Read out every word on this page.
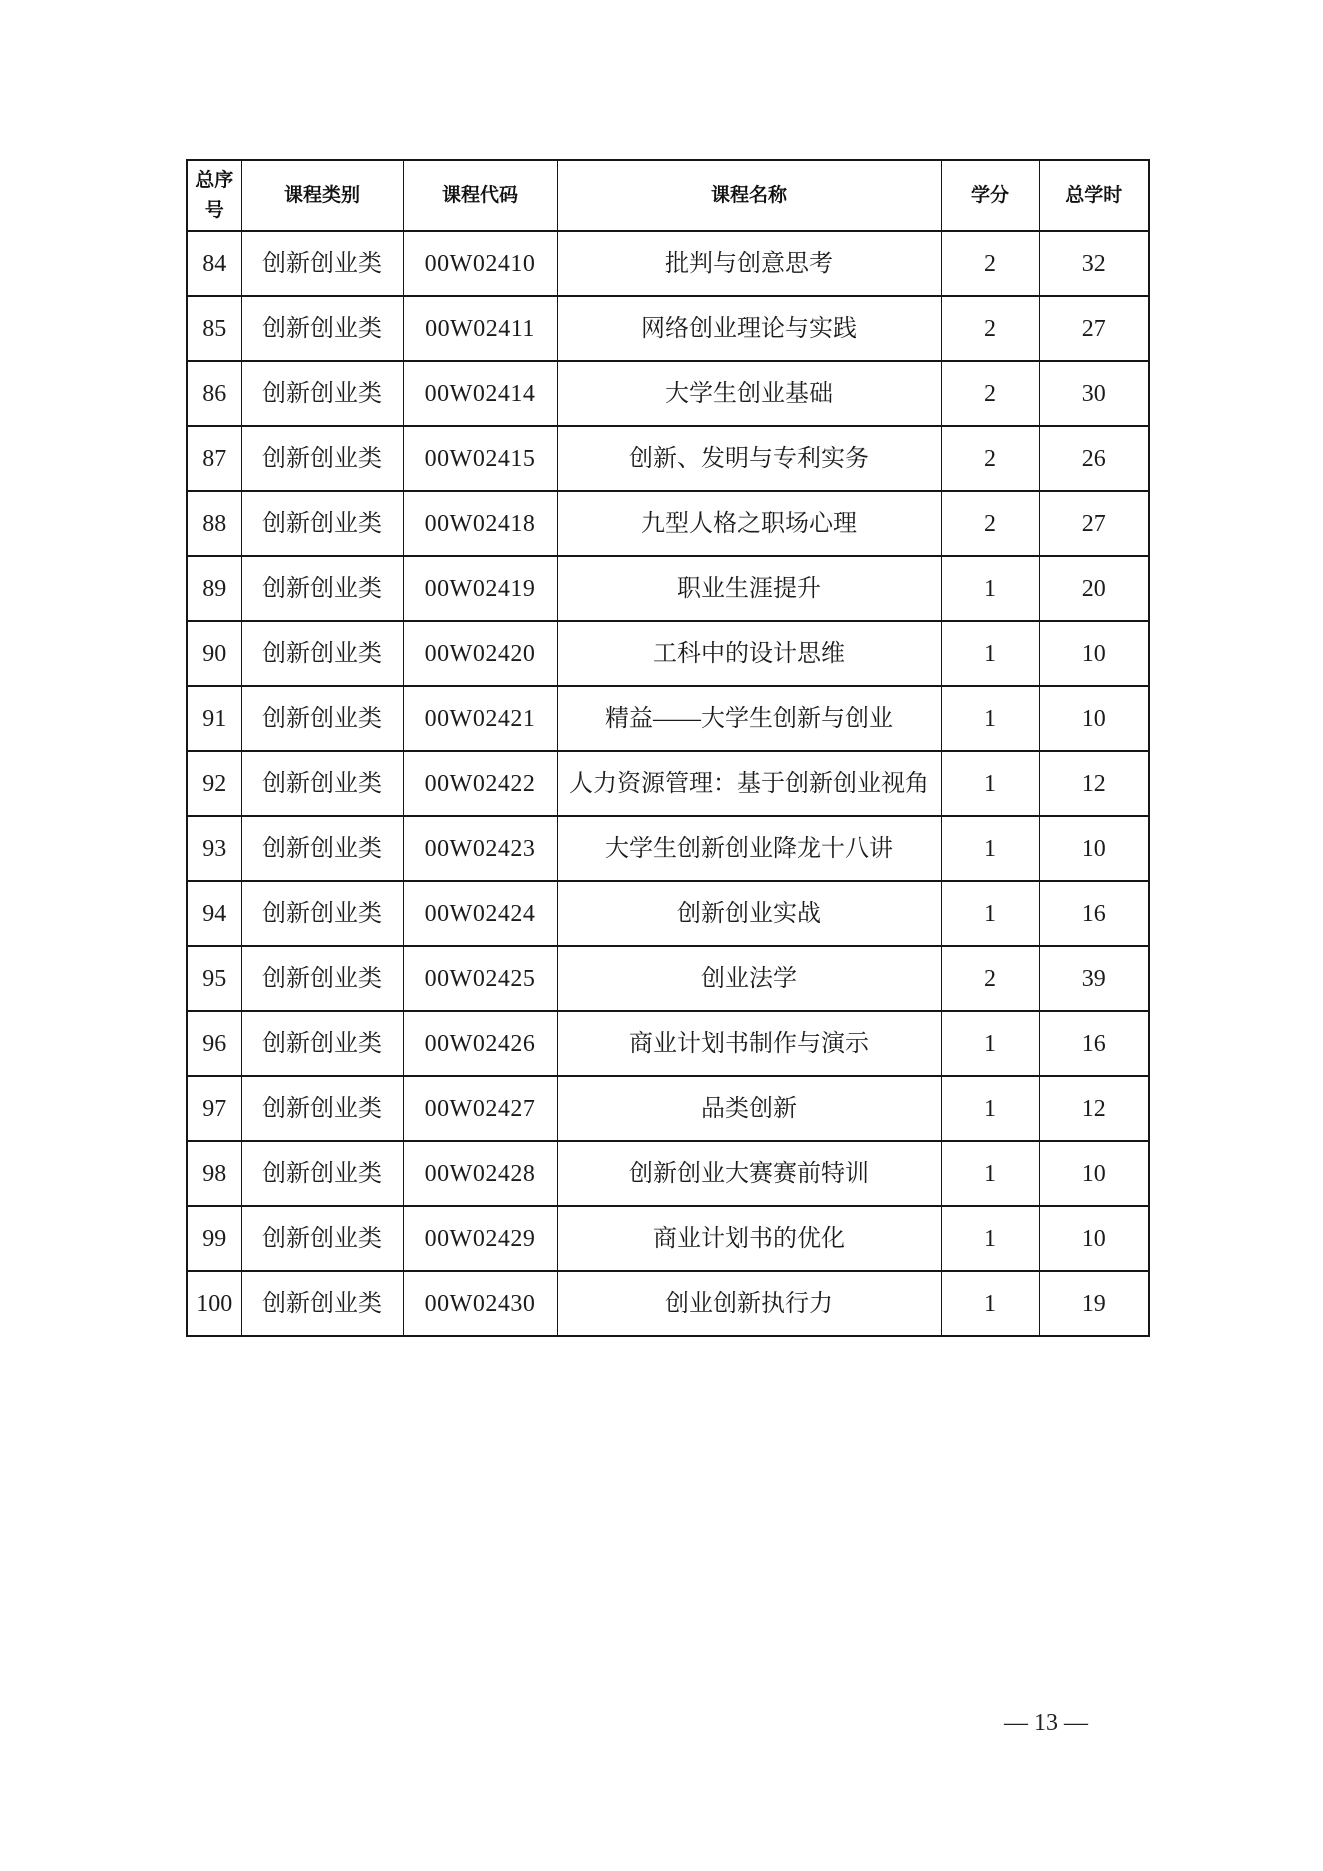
总序号	课程类别	课程代码	课程名称	学分	总学时
84	创新创业类	00W02410	批判与创意思考	2	32
85	创新创业类	00W02411	网络创业理论与实践	2	27
86	创新创业类	00W02414	大学生创业基础	2	30
87	创新创业类	00W02415	创新、发明与专利实务	2	26
88	创新创业类	00W02418	九型人格之职场心理	2	27
89	创新创业类	00W02419	职业生涯提升	1	20
90	创新创业类	00W02420	工科中的设计思维	1	10
91	创新创业类	00W02421	精益——大学生创新与创业	1	10
92	创新创业类	00W02422	人力资源管理：基于创新创业视角	1	12
93	创新创业类	00W02423	大学生创新创业降龙十八讲	1	10
94	创新创业类	00W02424	创新创业实战	1	16
95	创新创业类	00W02425	创业法学	2	39
96	创新创业类	00W02426	商业计划书制作与演示	1	16
97	创新创业类	00W02427	品类创新	1	12
98	创新创业类	00W02428	创新创业大赛赛前特训	1	10
99	创新创业类	00W02429	商业计划书的优化	1	10
100	创新创业类	00W02430	创业创新执行力	1	19
— 13 —
